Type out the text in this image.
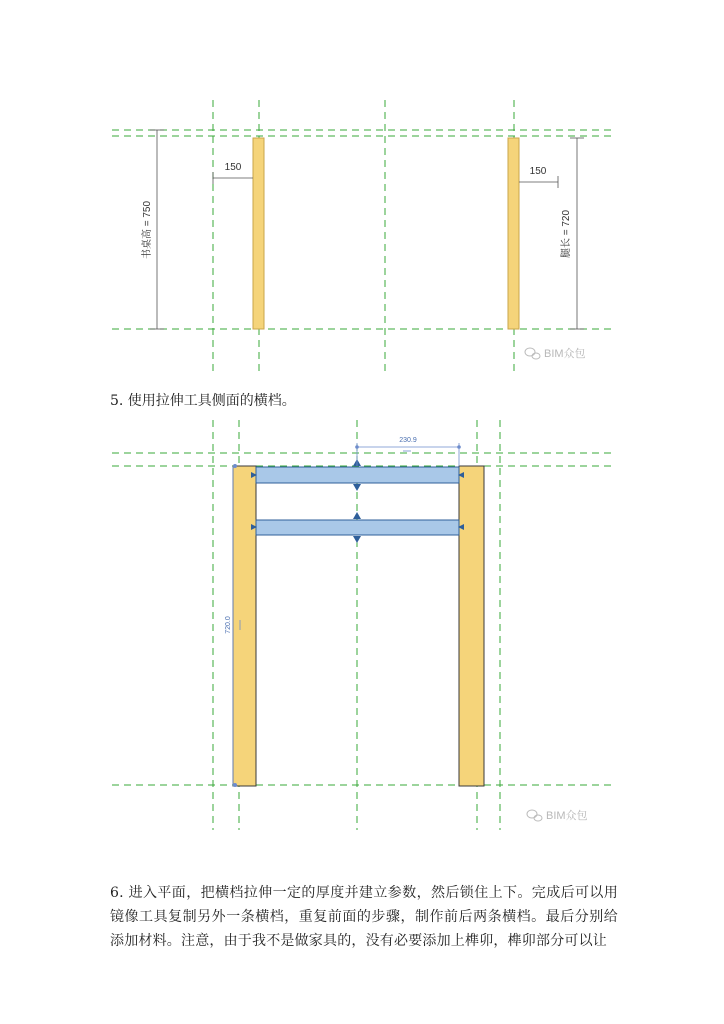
书桌高 = 750
150	150
腿长 = 720
BIM众包
5. 使用拉伸工具侧面的横档。
230.9
720.0
BIM众包

6. 进入平面，把横档拉伸一定的厚度并建立参数，然后锁住上下。完成后可以用镜像工具复制另外一条横档，重复前面的步骤，制作前后两条横档。最后分别给添加材料。注意，由于我不是做家具的，没有必要添加上榫卯，榫卯部分可以让
